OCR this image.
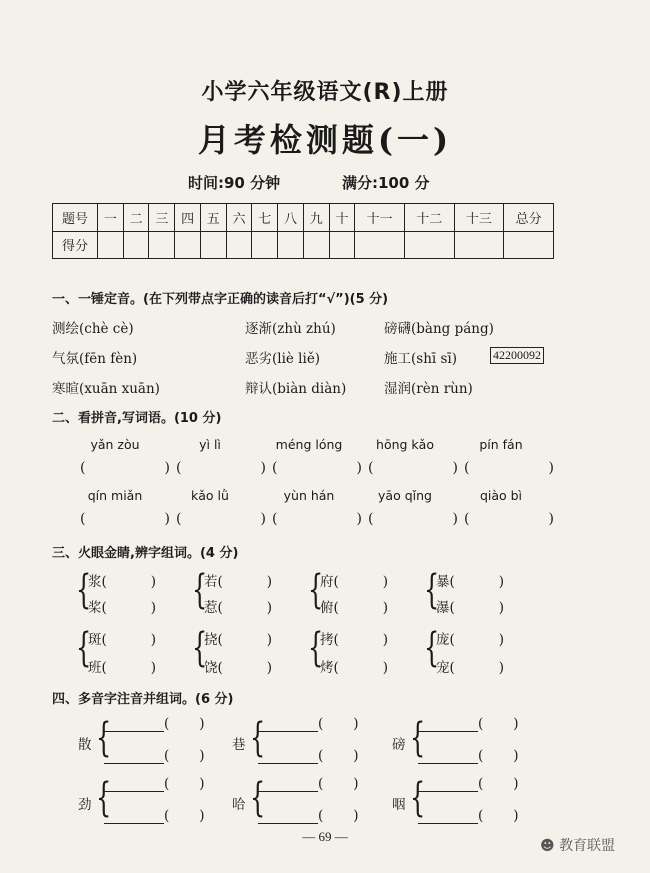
小学六年级语文(R)上册
月考检测题(一)
时间:90 分钟	满分:100 分
题号	一	二	三	四	五	六	七	八	九	十	十一	十二	十三	总分
得分														
一、一锤定音。(在下列带点字正确的读音后打“√”)(5 分)
测绘(chè cè)	逐渐(zhù zhú)	磅礴(bàng páng)
气氛(fēn fèn)	恶劣(liè liě)	施工(shī sī)	42200092
寒暄(xuān xuān)	辩认(biàn diàn)	湿润(rèn rùn)
二、看拼音,写词语。(10 分)
yǎn zòu	yì lì	méng lóng	hōng kǎo	pín fán
(	) (	) (	) (	) (	)
qín miǎn	kǎo lǜ	yùn hán	yāo qǐng	qiào bì
(	) (	) (	) (	) (	)
三、火眼金睛,辨字组词。(4 分)
{
浆(	)
桨(	) {
若(	)
惹(	) {
府(	)
俯(	) {
暴(	)
瀑(	)
{
斑(	)
班(	) {
挠(	)
饶(	) {
拷(	)
烤(	) {
庞(	)
宠(	)
四、多音字注音并组词。(6 分)
散 {	( )
( )
巷 {	( )
( )
磅 {	( )
( )
劲 {	( )
( )
哈 {	( )
( )
咽 {	( )
( )
— 69 —
☻ 教育联盟
